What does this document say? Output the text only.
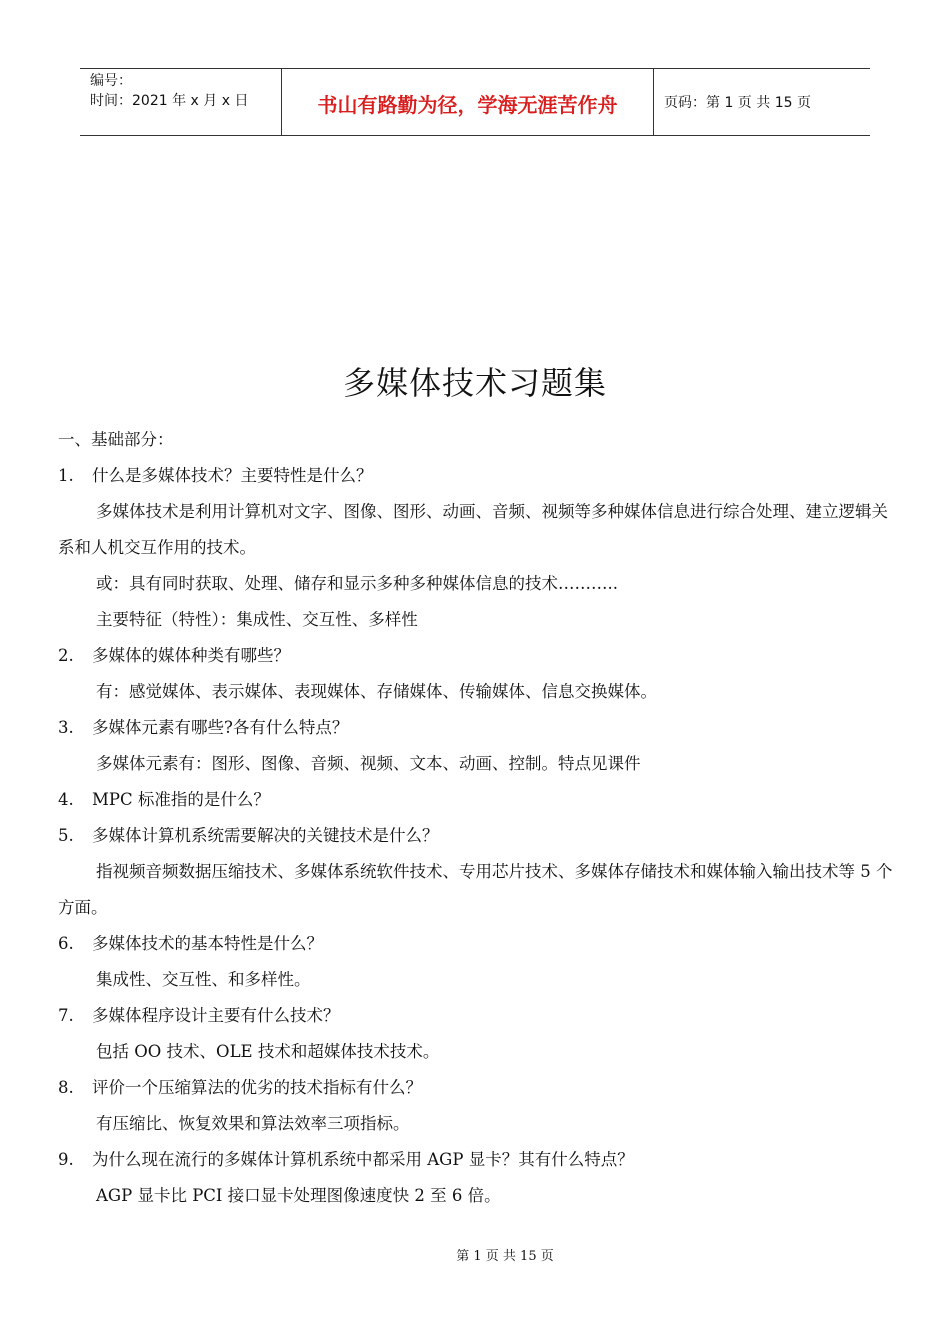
编号：
时间：2021 年 x 月 x 日	书山有路勤为径，学海无涯苦作舟	页码：第 1 页 共 15 页
多媒体技术习题集

一、基础部分：

1.	什么是多媒体技术？主要特性是什么？

多媒体技术是利用计算机对文字、图像、图形、动画、音频、视频等多种媒体信息进行综合处理、建立逻辑关系和人机交互作用的技术。

或：具有同时获取、处理、储存和显示多种多种媒体信息的技术………..

主要特征（特性）：集成性、交互性、多样性

2.	多媒体的媒体种类有哪些？

有：感觉媒体、表示媒体、表现媒体、存储媒体、传输媒体、信息交换媒体。

3.	多媒体元素有哪些?各有什么特点？

多媒体元素有：图形、图像、音频、视频、文本、动画、控制。特点见课件

4.	MPC 标准指的是什么？
5.	多媒体计算机系统需要解决的关键技术是什么？

指视频音频数据压缩技术、多媒体系统软件技术、专用芯片技术、多媒体存储技术和媒体输入输出技术等 5 个方面。

6.	多媒体技术的基本特性是什么？

集成性、交互性、和多样性。

7.	多媒体程序设计主要有什么技术？

包括 OO 技术、OLE 技术和超媒体技术技术。

8.	评价一个压缩算法的优劣的技术指标有什么？

有压缩比、恢复效果和算法效率三项指标。

9.	为什么现在流行的多媒体计算机系统中都采用 AGP 显卡？其有什么特点？

AGP 显卡比 PCI 接口显卡处理图像速度快 2 至 6 倍。

第 1 页 共 15 页
